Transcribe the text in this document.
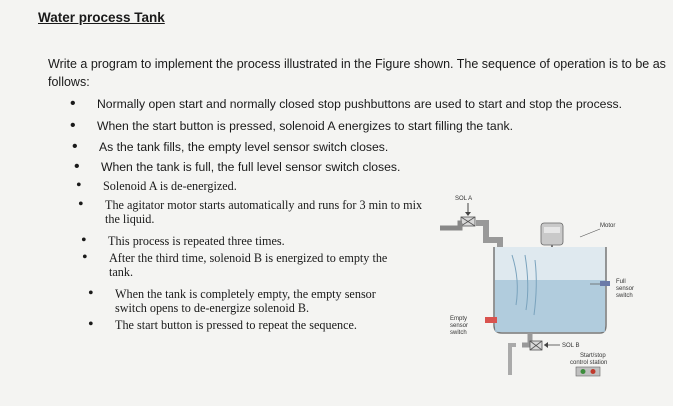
Water process Tank
Write a program to implement the process illustrated in the Figure shown. The sequence of operation is to be as follows:
• Normally open start and normally closed stop pushbuttons are used to start and stop the process.
• When the start button is pressed, solenoid A energizes to start filling the tank.
• As the tank fills, the empty level sensor switch closes.
• When the tank is full, the full level sensor switch closes.
• Solenoid A is de-energized.
• The agitator motor starts automatically and runs for 3 min to mix the liquid.
• This process is repeated three times.
• After the third time, solenoid B is energized to empty the tank.
• When the tank is completely empty, the empty sensor switch opens to de-energize solenoid B.
• The start button is pressed to repeat the sequence.
SOL A
Motor
Full
sensor
switch
Empty
sensor
switch
SOL B
Start/stop
control station
